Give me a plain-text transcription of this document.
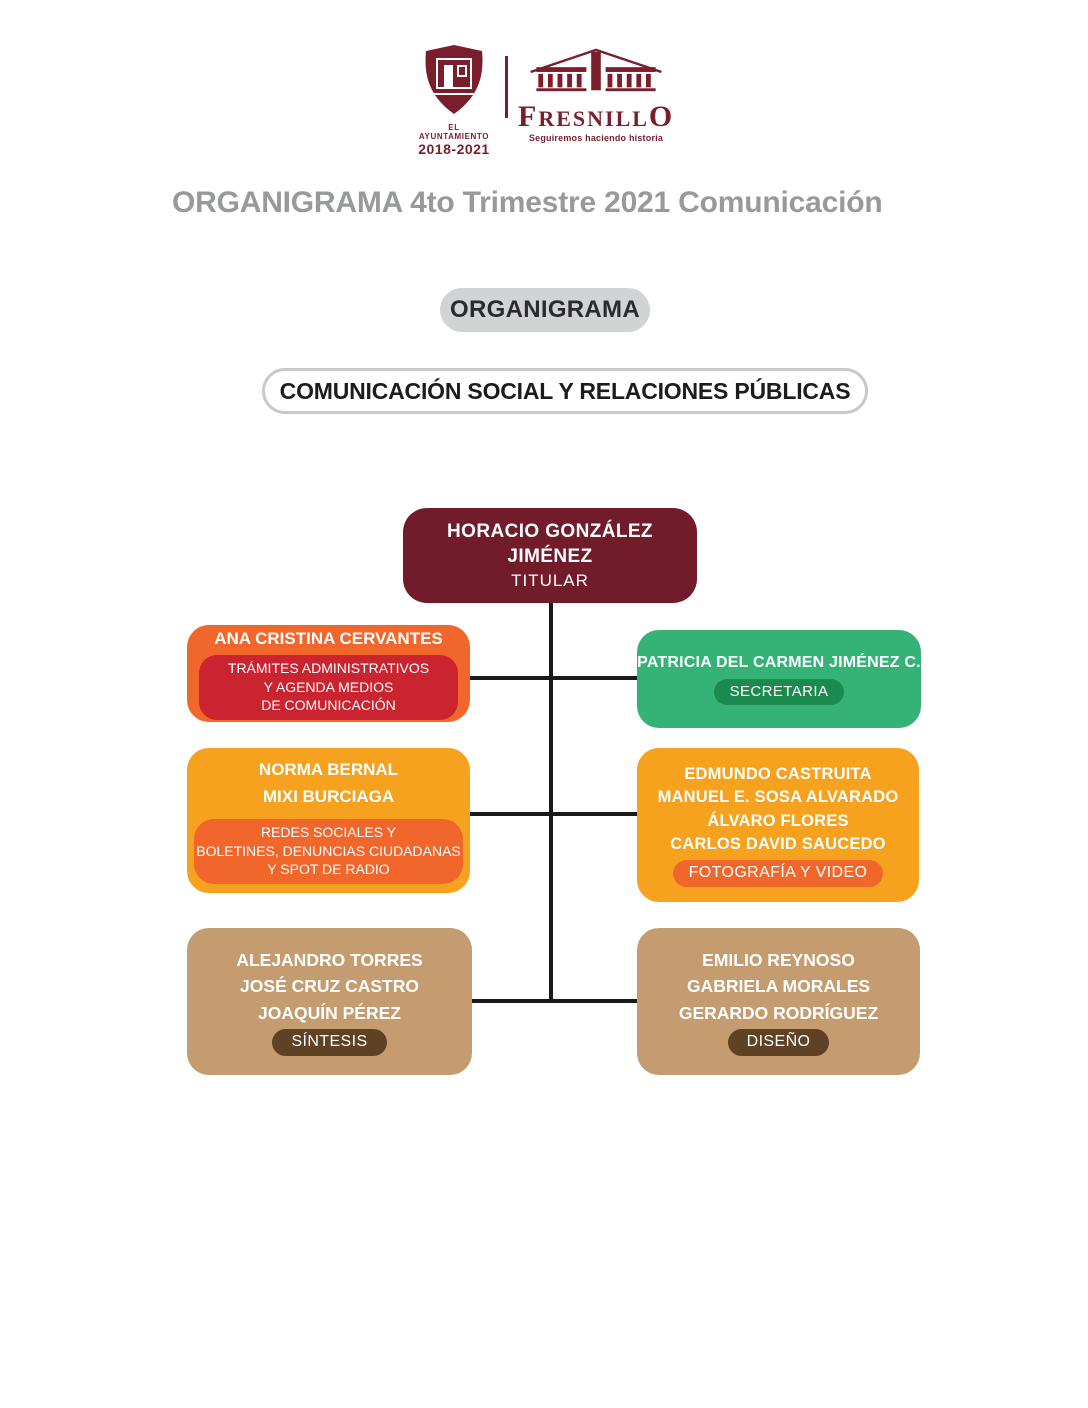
EL AYUNTAMIENTO
2018-2021
FRESNILLO
Seguiremos haciendo historia
ORGANIGRAMA 4to Trimestre 2021 Comunicación
ORGANIGRAMA
COMUNICACIÓN SOCIAL Y RELACIONES PÚBLICAS
HORACIO GONZÁLEZ JIMÉNEZ
TITULAR
ANA CRISTINA CERVANTES
TRÁMITES ADMINISTRATIVOS
Y AGENDA MEDIOS
DE COMUNICACIÓN
PATRICIA DEL CARMEN JIMÉNEZ C.
SECRETARIA
NORMA BERNAL
MIXI BURCIAGA
REDES SOCIALES Y
BOLETINES, DENUNCIAS CIUDADANAS
Y SPOT DE RADIO
EDMUNDO CASTRUITA
MANUEL E. SOSA ALVARADO
ÁLVARO FLORES
CARLOS DAVID SAUCEDO
FOTOGRAFÍA Y VIDEO
ALEJANDRO TORRES
JOSÉ CRUZ CASTRO
JOAQUÍN PÉREZ
SÍNTESIS
EMILIO REYNOSO
GABRIELA MORALES
GERARDO RODRÍGUEZ
DISEÑO
